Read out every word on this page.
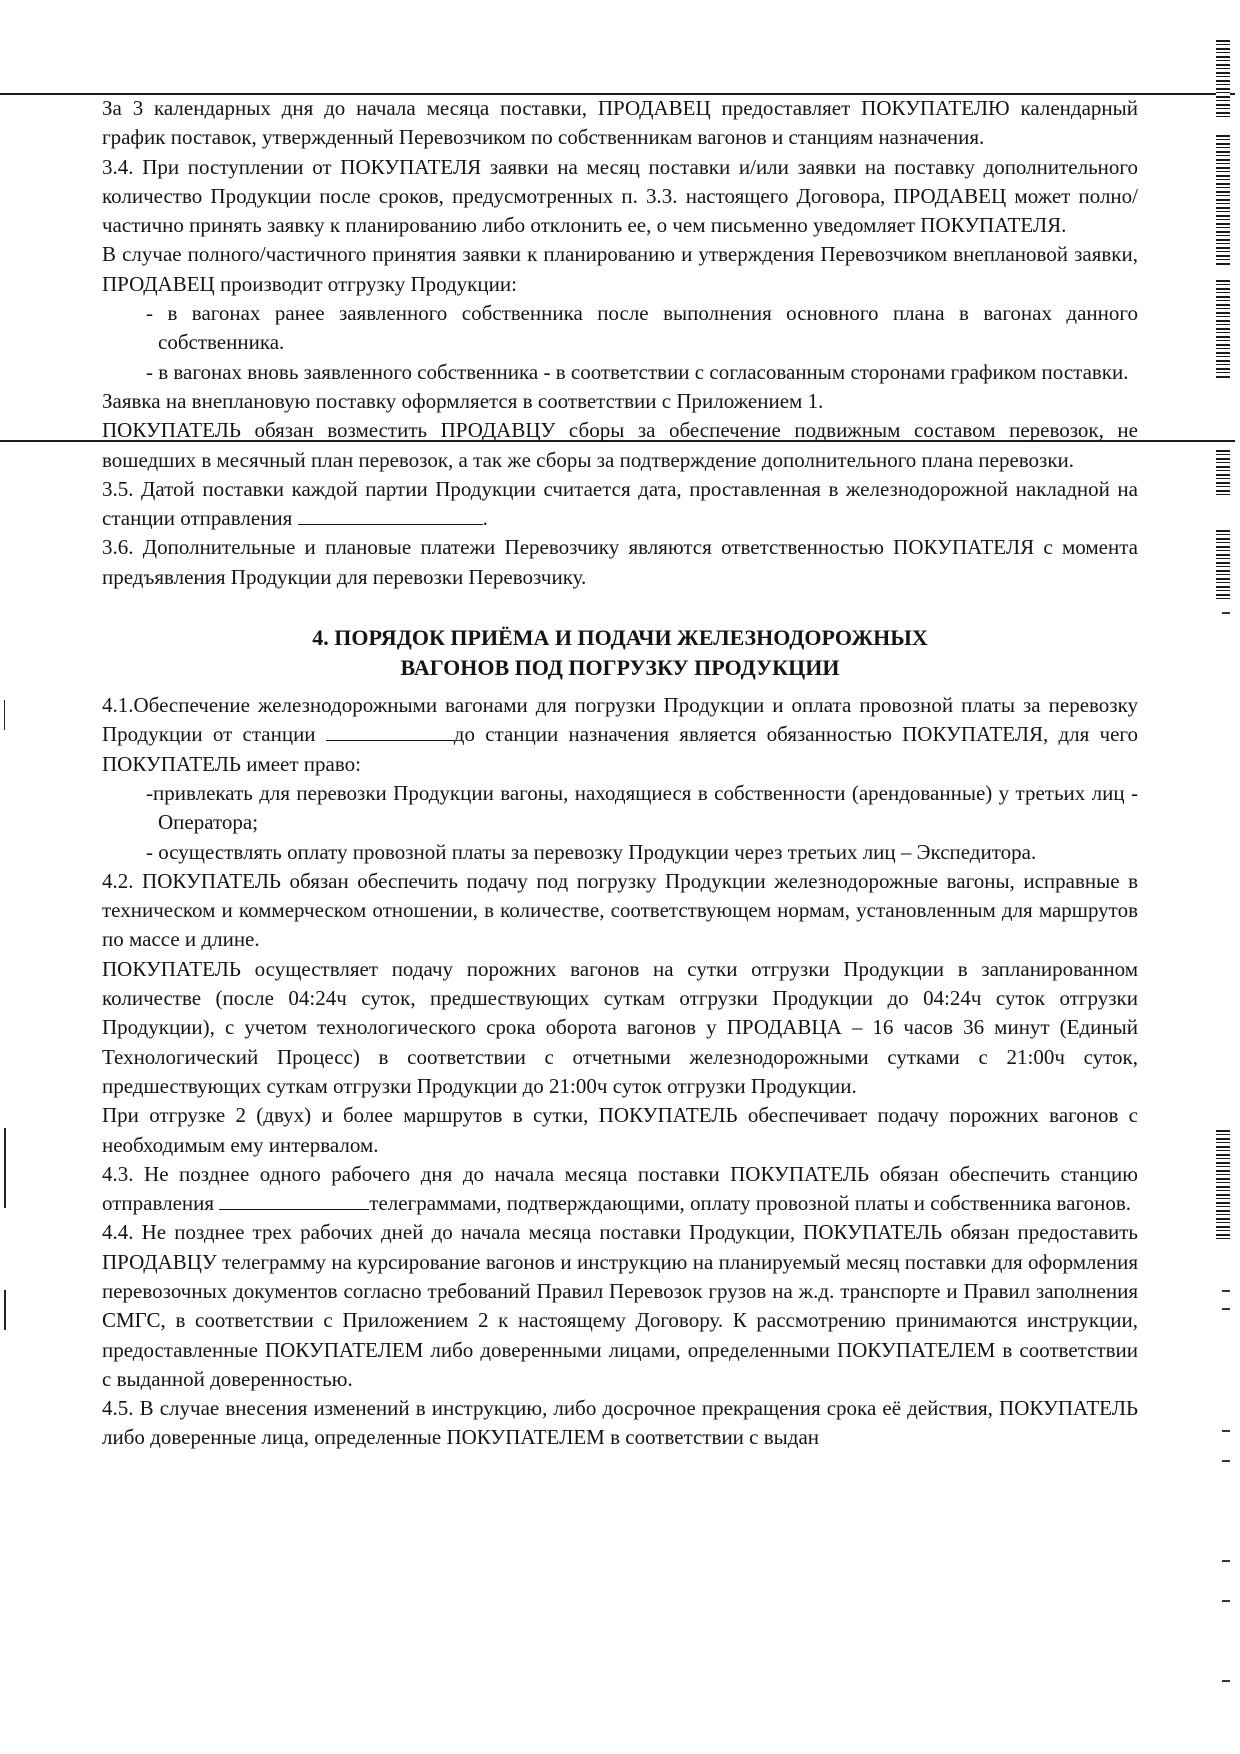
За 3 календарных дня до начала месяца поставки, ПРОДАВЕЦ предоставляет ПОКУПАТЕЛЮ календарный график поставок, утвержденный Перевозчиком по собственникам вагонов и станциям назначения.

3.4. При поступлении от ПОКУПАТЕЛЯ заявки на месяц поставки и/или заявки на поставку дополнительного количество Продукции после сроков, предусмотренных п. 3.3. настоящего Договора, ПРОДАВЕЦ может полно/частично принять заявку к планированию либо отклонить ее, о чем письменно уведомляет ПОКУПАТЕЛЯ.

В случае полного/частичного принятия заявки к планированию и утверждения Перевозчиком внеплановой заявки, ПРОДАВЕЦ производит отгрузку Продукции:

- в вагонах ранее заявленного собственника после выполнения основного плана в вагонах данного собственника.

- в вагонах вновь заявленного собственника - в соответствии с согласованным сторонами графиком поставки.

Заявка на внеплановую поставку оформляется в соответствии с Приложением 1.

ПОКУПАТЕЛЬ обязан возместить ПРОДАВЦУ сборы за обеспечение подвижным составом перевозок, не вошедших в месячный план перевозок, а так же сборы за подтверждение дополнительного плана перевозки.

3.5. Датой поставки каждой партии Продукции считается дата, проставленная в железнодорожной накладной на станции отправления	.

3.6. Дополнительные и плановые платежи Перевозчику являются ответственностью ПОКУПАТЕЛЯ с момента предъявления Продукции для перевозки Перевозчику.

4. ПОРЯДОК ПРИЁМА И ПОДАЧИ ЖЕЛЕЗНОДОРОЖНЫХ
ВАГОНОВ ПОД ПОГРУЗКУ ПРОДУКЦИИ

4.1.Обеспечение железнодорожными вагонами для погрузки Продукции и оплата провозной платы за перевозку Продукции от станции	до станции назначения является обязанностью ПОКУПАТЕЛЯ, для чего ПОКУПАТЕЛЬ имеет право:

-привлекать для перевозки Продукции вагоны, находящиеся в собственности (арендованные) у третьих лиц - Оператора;

- осуществлять оплату провозной платы за перевозку Продукции через третьих лиц – Экспедитора.

4.2. ПОКУПАТЕЛЬ обязан обеспечить подачу под погрузку Продукции железнодорожные вагоны, исправные в техническом и коммерческом отношении, в количестве, соответствующем нормам, установленным для маршрутов по массе и длине.

ПОКУПАТЕЛЬ осуществляет подачу порожних вагонов на сутки отгрузки Продукции в запланированном количестве (после 04:24ч суток, предшествующих суткам отгрузки Продукции до 04:24ч суток отгрузки Продукции), с учетом технологического срока оборота вагонов у ПРОДАВЦА – 16 часов 36 минут (Единый Технологический Процесс) в соответствии с отчетными железнодорожными сутками с 21:00ч суток, предшествующих суткам отгрузки Продукции до 21:00ч суток отгрузки Продукции.

При отгрузке 2 (двух) и более маршрутов в сутки, ПОКУПАТЕЛЬ обеспечивает подачу порожних вагонов с необходимым ему интервалом.

4.3. Не позднее одного рабочего дня до начала месяца поставки ПОКУПАТЕЛЬ обязан обеспечить станцию отправления	телеграммами, подтверждающими, оплату провозной платы и собственника вагонов.

4.4. Не позднее трех рабочих дней до начала месяца поставки Продукции, ПОКУПАТЕЛЬ обязан предоставить ПРОДАВЦУ телеграмму на курсирование вагонов и инструкцию на планируемый месяц поставки для оформления перевозочных документов согласно требований Правил Перевозок грузов на ж.д. транспорте и Правил заполнения СМГС, в соответствии с Приложением 2 к настоящему Договору. К рассмотрению принимаются инструкции, предоставленные ПОКУПАТЕЛЕМ либо доверенными лицами, определенными ПОКУПАТЕЛЕМ в соответствии с выданной доверенностью.

4.5. В случае внесения изменений в инструкцию, либо досрочное прекращения срока её действия, ПОКУПАТЕЛЬ либо доверенные лица, определенные ПОКУПАТЕЛЕМ в соответствии с выдан
